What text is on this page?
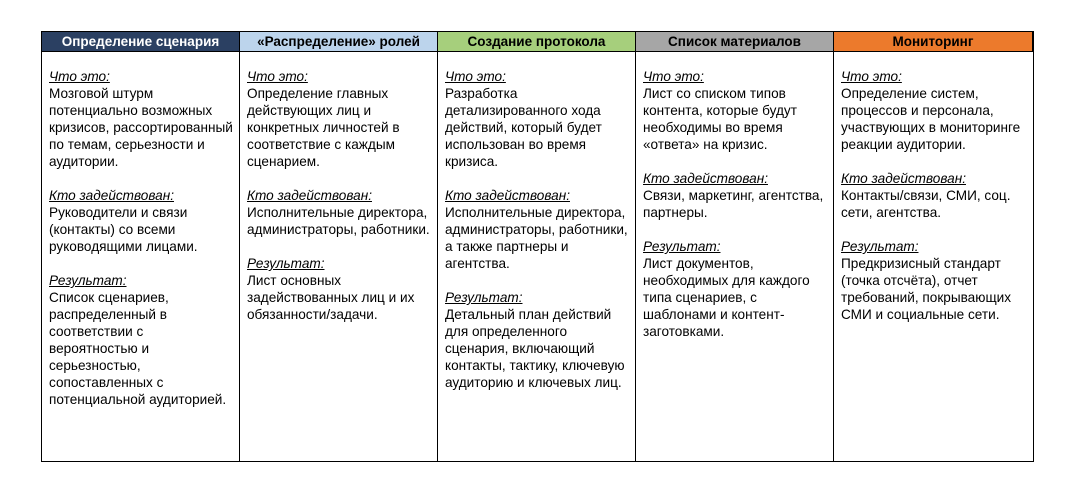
Определение сценария	«Распределение» ролей	Создание протокола	Список материалов	Мониторинг
Что это:
Мозговой штурм потенциально возможных кризисов, рассортированный по темам, серьезности и аудитории.
Кто задействован:
Руководители и связи (контакты) со всеми руководящими лицами.
Результат:
Список сценариев, распределенный в соответствии с вероятностью и серьезностью, сопоставленных с потенциальной аудиторией.
Что это:
Определение главных действующих лиц и конкретных личностей в соответствие с каждым сценарием.
Кто задействован:
Исполнительные директора, администраторы, работники.
Результат:
Лист основных задействованных лиц и их обязанности/задачи.
Что это:
Разработка детализированного хода действий, который будет использован во время кризиса.
Кто задействован:
Исполнительные директора, администраторы, работники, а также партнеры и агентства.
Результат:
Детальный план действий для определенного сценария, включающий контакты, тактику, ключевую аудиторию и ключевых лиц.
Что это:
Лист со списком типов контента, которые будут необходимы во время «ответа» на кризис.
Кто задействован:
Связи, маркетинг, агентства, партнеры.
Результат:
Лист документов, необходимых для каждого типа сценариев, с шаблонами и контент-заготовками.
Что это:
Определение систем, процессов и персонала, участвующих в мониторинге реакции аудитории.
Кто задействован:
Контакты/связи, СМИ, соц. сети, агентства.
Результат:
Предкризисный стандарт (точка отсчёта), отчет требований, покрывающих СМИ и социальные сети.
